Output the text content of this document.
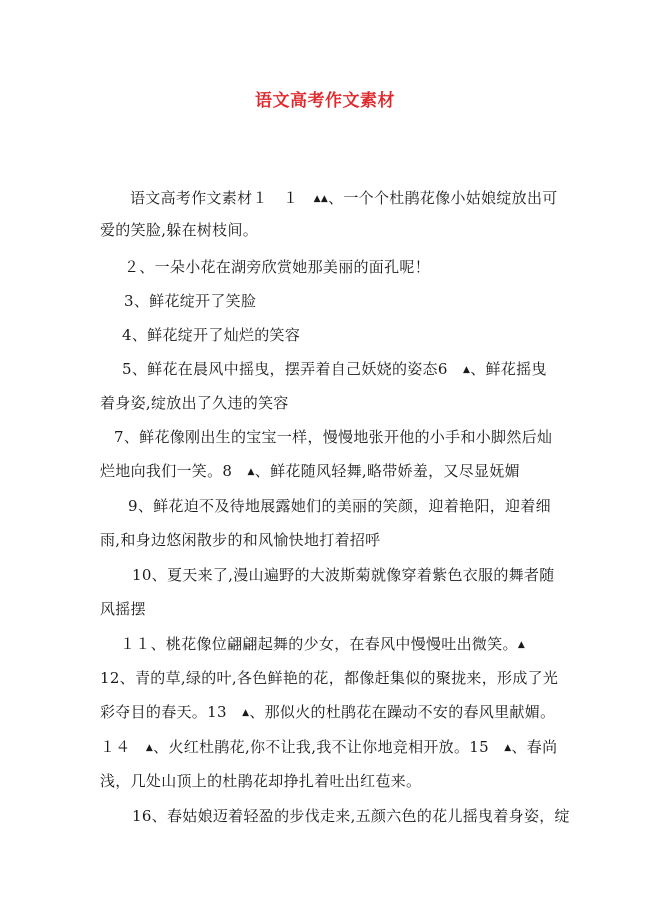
语文高考作文素材
语文高考作文素材１　１　▲▲、一个个杜鹃花像小姑娘绽放出可
爱的笑脸,躲在树枝间。
２、一朵小花在湖旁欣赏她那美丽的面孔呢！
3、鲜花绽开了笑脸
4、鲜花绽开了灿烂的笑容
5、鲜花在晨风中摇曳，摆弄着自己妖娆的姿态6　▲、鲜花摇曳
着身姿,绽放出了久违的笑容
7、鲜花像刚出生的宝宝一样，慢慢地张开他的小手和小脚然后灿
烂地向我们一笑。8　▲、鲜花随风轻舞,略带娇羞，又尽显妩媚
9、鲜花迫不及待地展露她们的美丽的笑颜，迎着艳阳，迎着细
雨,和身边悠闲散步的和风愉快地打着招呼
10、夏天来了,漫山遍野的大波斯菊就像穿着紫色衣服的舞者随
风摇摆
１１、桃花像位翩翩起舞的少女，在春风中慢慢吐出微笑。▲
12、青的草,绿的叶,各色鲜艳的花，都像赶集似的聚拢来，形成了光
彩夺目的春天。13　▲、那似火的杜鹃花在躁动不安的春风里献媚。
１４　▲、火红杜鹃花,你不让我,我不让你地竞相开放。15　▲、春尚
浅，几处山顶上的杜鹃花却挣扎着吐出红苞来。
16、春姑娘迈着轻盈的步伐走来,五颜六色的花儿摇曳着身姿，绽
